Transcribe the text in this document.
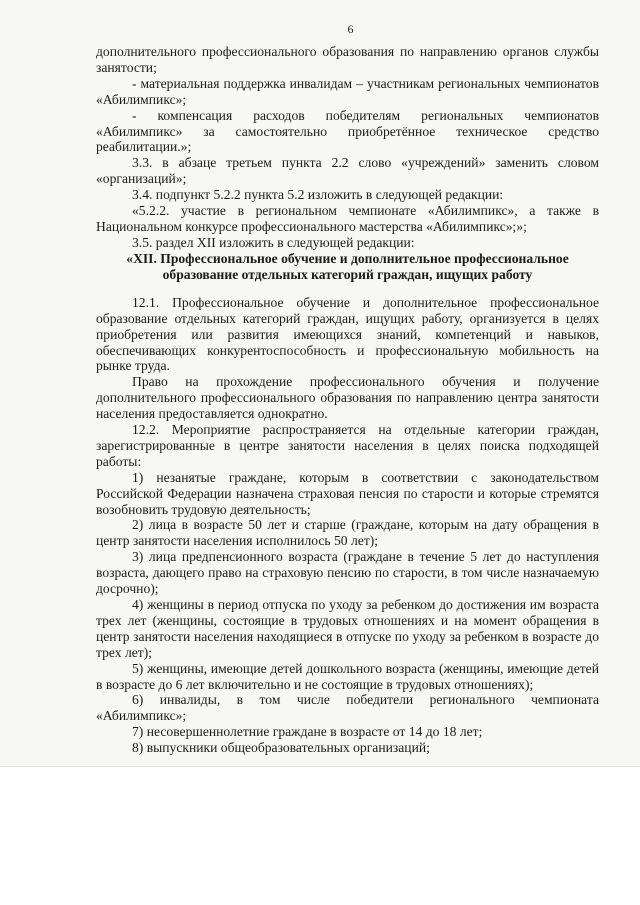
6

дополнительного профессионального образования по направлению органов службы занятости;

- материальная поддержка инвалидам – участникам региональных чемпионатов «Абилимпикс»;

- компенсация расходов победителям региональных чемпионатов «Абилимпикс» за самостоятельно приобретённое техническое средство реабилитации.»;

3.3. в абзаце третьем пункта 2.2 слово «учреждений» заменить словом «организаций»;

3.4. подпункт 5.2.2 пункта 5.2 изложить в следующей редакции:

«5.2.2. участие в региональном чемпионате «Абилимпикс», а также в Национальном конкурсе профессионального мастерства «Абилимпикс»;»;

3.5. раздел XII изложить в следующей редакции:

«XII. Профессиональное обучение и дополнительное профессиональное образование отдельных категорий граждан, ищущих работу

12.1. Профессиональное обучение и дополнительное профессиональное образование отдельных категорий граждан, ищущих работу, организуется в целях приобретения или развития имеющихся знаний, компетенций и навыков, обеспечивающих конкурентоспособность и профессиональную мобильность на рынке труда.

Право на прохождение профессионального обучения и получение дополнительного профессионального образования по направлению центра занятости населения предоставляется однократно.

12.2. Мероприятие распространяется на отдельные категории граждан, зарегистрированные в центре занятости населения в целях поиска подходящей работы:

1) незанятые граждане, которым в соответствии с законодательством Российской Федерации назначена страховая пенсия по старости и которые стремятся возобновить трудовую деятельность;

2) лица в возрасте 50 лет и старше (граждане, которым на дату обращения в центр занятости населения исполнилось 50 лет);

3) лица предпенсионного возраста (граждане в течение 5 лет до наступления возраста, дающего право на страховую пенсию по старости, в том числе назначаемую досрочно);

4) женщины в период отпуска по уходу за ребенком до достижения им возраста трех лет (женщины, состоящие в трудовых отношениях и на момент обращения в центр занятости населения находящиеся в отпуске по уходу за ребенком в возрасте до трех лет);

5) женщины, имеющие детей дошкольного возраста (женщины, имеющие детей в возрасте до 6 лет включительно и не состоящие в трудовых отношениях);

6) инвалиды, в том числе победители регионального чемпионата «Абилимпикс»;

7) несовершеннолетние граждане в возрасте от 14 до 18 лет;

8) выпускники общеобразовательных организаций;
